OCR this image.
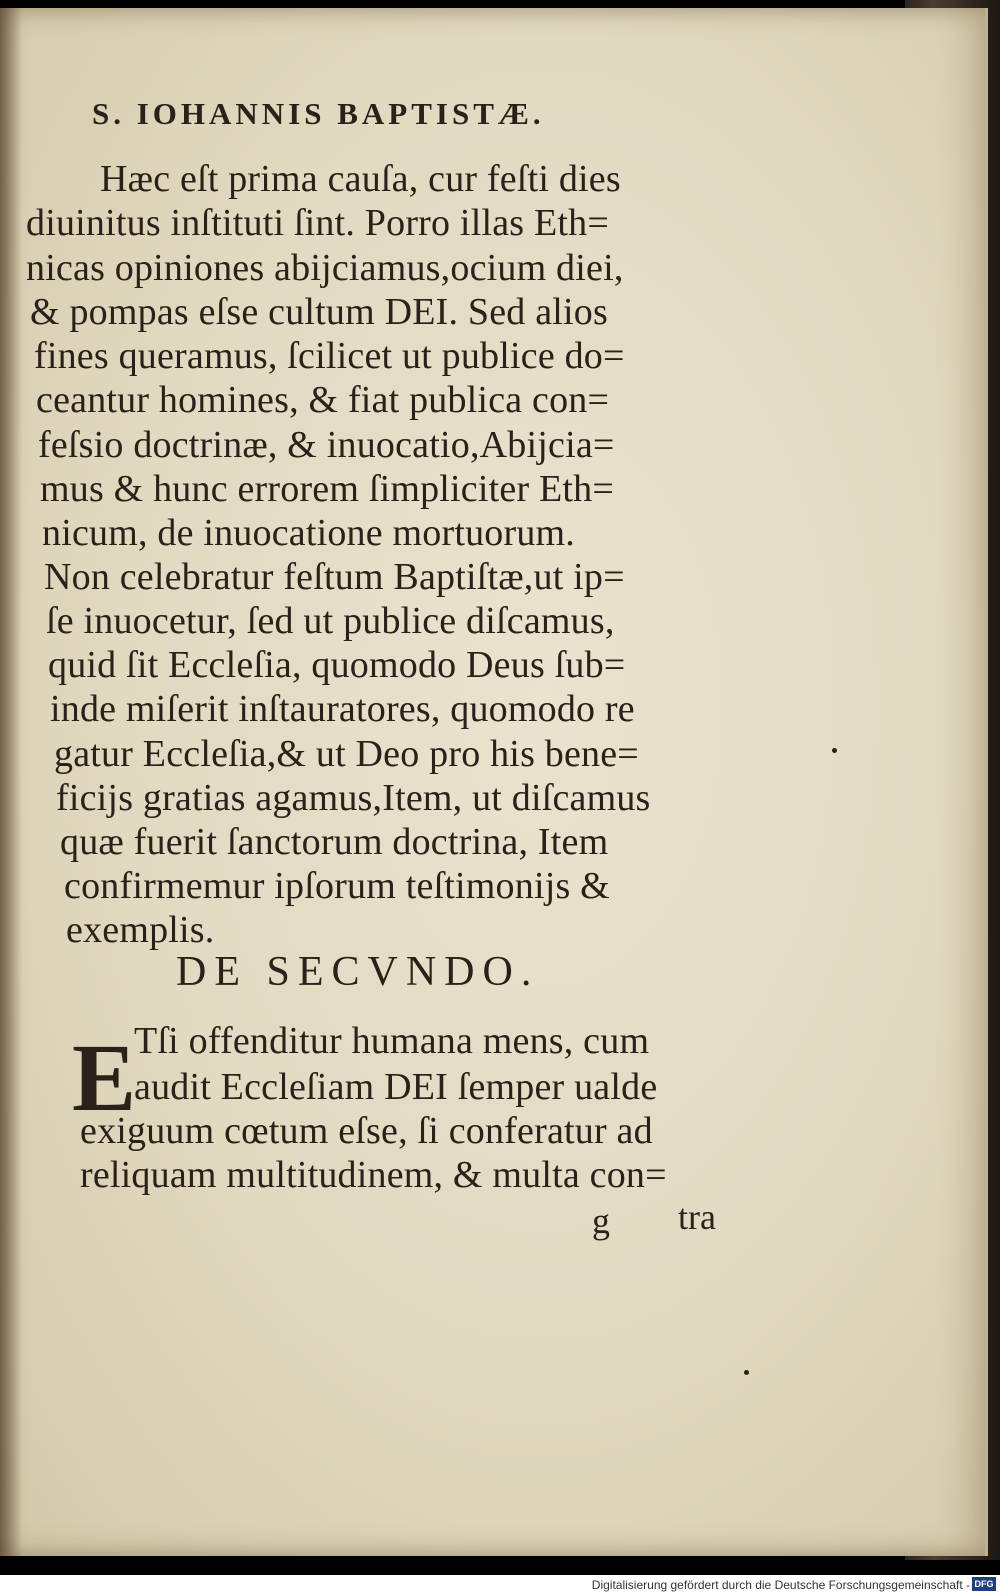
S. IOHANNIS BAPTISTÆ.
Hæc eſt prima cauſa, cur feſti dies
diuinitus inſtituti ſint. Porro illas Eth=
nicas opiniones abijciamus,ocium diei,
& pompas eſse cultum DEI. Sed alios
fines queramus, ſcilicet ut publice do=
ceantur homines, & fiat publica con=
feſsio doctrinæ, & inuocatio,Abijcia=
mus & hunc errorem ſimpliciter Eth=
nicum, de inuocatione mortuorum.
Non celebratur feſtum Baptiſtæ,ut ip=
ſe inuocetur, ſed ut publice diſcamus,
quid ſit Eccleſia, quomodo Deus ſub=
inde miſerit inſtauratores, quomodo re
gatur Eccleſia,& ut Deo pro his bene=
ficijs gratias agamus,Item, ut diſcamus
quæ fuerit ſanctorum doctrina, Item
confirmemur ipſorum teſtimonijs &
exemplis.
DE SECVNDO.
E
Tſi offenditur humana mens, cum
audit Eccleſiam DEI ſemper ualde
exiguum cœtum eſse, ſi conferatur ad
reliquam multitudinem, & multa con=
g tra
Digitalisierung gefördert durch die Deutsche Forschungsgemeinschaft - DFG
